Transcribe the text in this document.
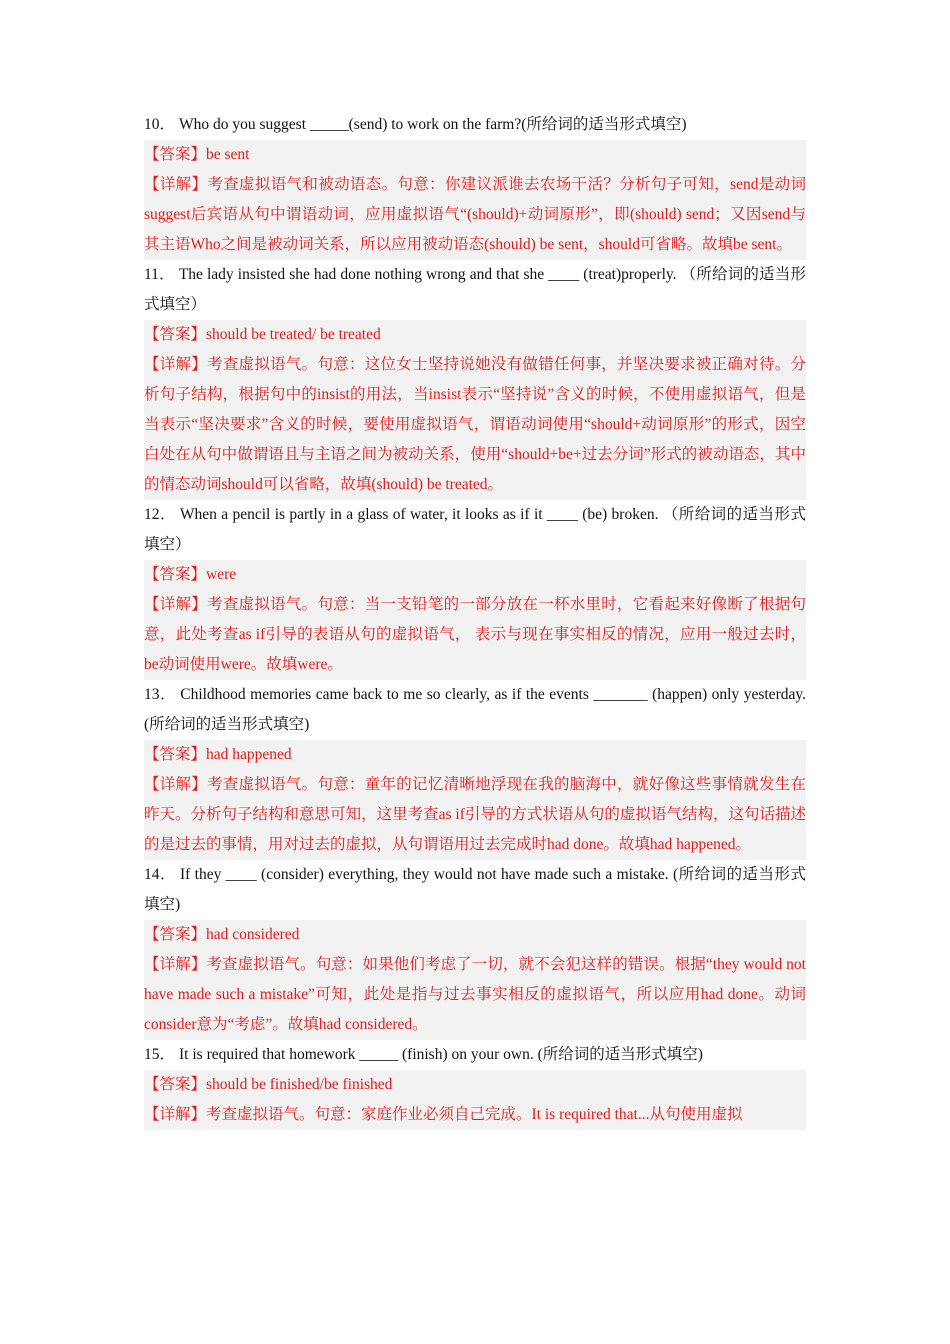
10． Who do you suggest _____(send) to work on the farm?(所给词的适当形式填空)
【答案】be sent
【详解】考查虚拟语气和被动语态。句意：你建议派谁去农场干活？分析句子可知，send是动词suggest后宾语从句中谓语动词，应用虚拟语气“(should)+动词原形”，即(should) send；又因send与其主语Who之间是被动词关系，所以应用被动语态(should) be sent，should可省略。故填be sent。
11． The lady insisted she had done nothing wrong and that she ____ (treat)properly. （所给词的适当形式填空）
【答案】should be treated/ be treated
【详解】考查虚拟语气。句意：这位女士坚持说她没有做错任何事，并坚决要求被正确对待。分析句子结构，根据句中的insist的用法，当insist表示“坚持说”含义的时候，不使用虚拟语气，但是当表示“坚决要求”含义的时候，要使用虚拟语气，谓语动词使用“should+动词原形”的形式，因空白处在从句中做谓语且与主语之间为被动关系，使用“should+be+过去分词”形式的被动语态，其中的情态动词should可以省略，故填(should) be treated。
12． When a pencil is partly in a glass of water, it looks as if it ____ (be) broken. （所给词的适当形式填空）
【答案】were
【详解】考查虚拟语气。句意：当一支铅笔的一部分放在一杯水里时，它看起来好像断了根据句意，此处考查as if引导的表语从句的虚拟语气， 表示与现在事实相反的情况，应用一般过去时，be动词使用were。故填were。
13． Childhood memories came back to me so clearly, as if the events _______ (happen) only yesterday. (所给词的适当形式填空)
【答案】had happened
【详解】考查虚拟语气。句意：童年的记忆清晰地浮现在我的脑海中，就好像这些事情就发生在昨天。分析句子结构和意思可知，这里考查as if引导的方式状语从句的虚拟语气结构，这句话描述的是过去的事情，用对过去的虚拟，从句谓语用过去完成时had done。故填had happened。
14． If they ____ (consider) everything, they would not have made such a mistake. (所给词的适当形式填空)
【答案】had considered
【详解】考查虚拟语气。句意：如果他们考虑了一切，就不会犯这样的错误。根据“they would not have made such a mistake”可知，此处是指与过去事实相反的虚拟语气，所以应用had done。动词consider意为“考虑”。故填had considered。
15． It is required that homework _____ (finish) on your own. (所给词的适当形式填空)
【答案】should be finished/be finished
【详解】考查虚拟语气。句意：家庭作业必须自己完成。It is required that...从句使用虚拟
